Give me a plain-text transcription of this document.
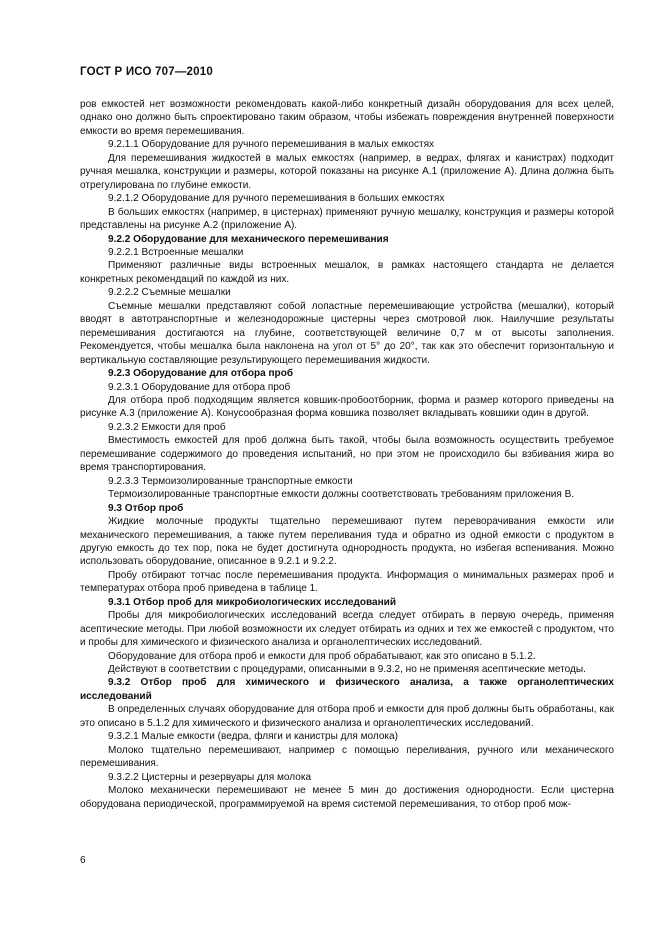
ГОСТ Р ИСО 707—2010

ров емкостей нет возможности рекомендовать какой-либо конкретный дизайн оборудования для всех целей, однако оно должно быть спроектировано таким образом, чтобы избежать повреждения внутренней поверхности емкости во время перемешивания.

9.2.1.1 Оборудование для ручного перемешивания в малых емкостях

Для перемешивания жидкостей в малых емкостях (например, в ведрах, флягах и канистрах) подходит ручная мешалка, конструкции и размеры, которой показаны на рисунке А.1 (приложение А). Длина должна быть отрегулирована по глубине емкости.

9.2.1.2 Оборудование для ручного перемешивания в больших емкостях

В больших емкостях (например, в цистернах) применяют ручную мешалку, конструкция и размеры которой представлены на рисунке А.2 (приложение А).

9.2.2 Оборудование для механического перемешивания

9.2.2.1 Встроенные мешалки

Применяют различные виды встроенных мешалок, в рамках настоящего стандарта не делается конкретных рекомендаций по каждой из них.

9.2.2.2 Съемные мешалки

Съемные мешалки представляют собой лопастные перемешивающие устройства (мешалки), который вводят в автотранспортные и железнодорожные цистерны через смотровой люк. Наилучшие результаты перемешивания достигаются на глубине, соответствующей величине 0,7 м от высоты заполнения. Рекомендуется, чтобы мешалка была наклонена на угол от 5° до 20°, так как это обеспечит горизонтальную и вертикальную составляющие результирующего перемешивания жидкости.

9.2.3 Оборудование для отбора проб

9.2.3.1 Оборудование для отбора проб

Для отбора проб подходящим является ковшик-пробоотборник, форма и размер которого приведены на рисунке А.3 (приложение А). Конусообразная форма ковшика позволяет вкладывать ковшики один в другой.

9.2.3.2 Емкости для проб

Вместимость емкостей для проб должна быть такой, чтобы была возможность осуществить требуемое перемешивание содержимого до проведения испытаний, но при этом не происходило бы взбивания жира во время транспортирования.

9.2.3.3 Термоизолированные транспортные емкости

Термоизолированные транспортные емкости должны соответствовать требованиям приложения В.

9.3 Отбор проб

Жидкие молочные продукты тщательно перемешивают путем переворачивания емкости или механического перемешивания, а также путем переливания туда и обратно из одной емкости с продуктом в другую емкость до тех пор, пока не будет достигнута однородность продукта, но избегая вспенивания. Можно использовать оборудование, описанное в 9.2.1 и 9.2.2.

Пробу отбирают тотчас после перемешивания продукта. Информация о минимальных размерах проб и температурах отбора проб приведена в таблице 1.

9.3.1 Отбор проб для микробиологических исследований

Пробы для микробиологических исследований всегда следует отбирать в первую очередь, применяя асептические методы. При любой возможности их следует отбирать из одних и тех же емкостей с продуктом, что и пробы для химического и физического анализа и органолептических исследований.

Оборудование для отбора проб и емкости для проб обрабатывают, как это описано в 5.1.2.

Действуют в соответствии с процедурами, описанными в 9.3.2, но не применяя асептические методы.

9.3.2 Отбор проб для химического и физического анализа, а также органолептических исследований

В определенных случаях оборудование для отбора проб и емкости для проб должны быть обработаны, как это описано в 5.1.2 для химического и физического анализа и органолептических исследований.

9.3.2.1 Малые емкости (ведра, фляги и канистры для молока)

Молоко тщательно перемешивают, например с помощью переливания, ручного или механического перемешивания.

9.3.2.2 Цистерны и резервуары для молока

Молоко механически перемешивают не менее 5 мин до достижения однородности. Если цистерна оборудована периодической, программируемой на время системой перемешивания, то отбор проб мож-

6
